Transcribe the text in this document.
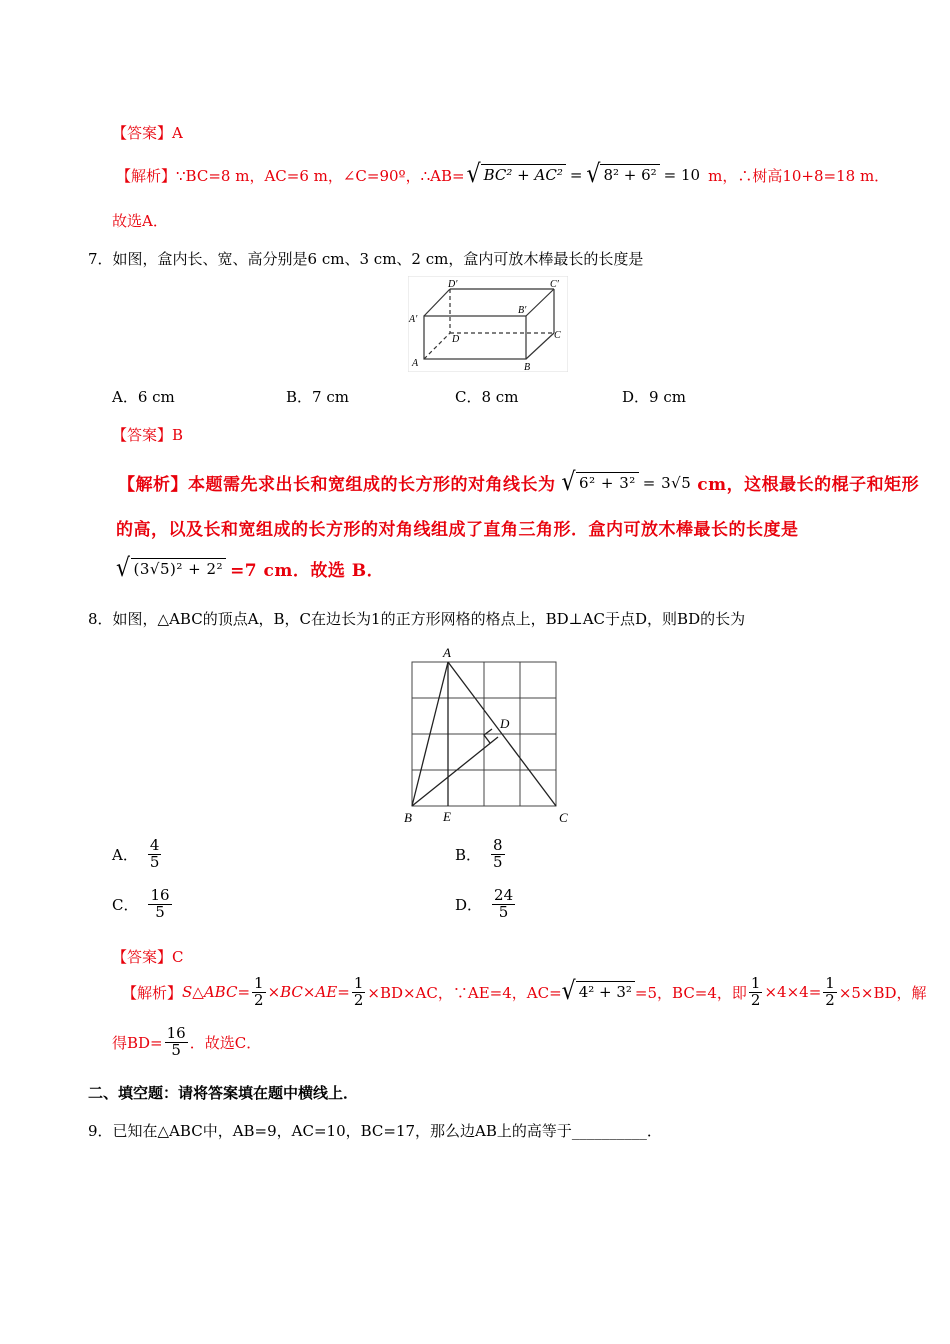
【答案】A
【解析】 ∵BC=8 m，AC=6 m，∠C=90º，∴AB= √ BC² + AC² = √ 8² + 6² = 10 m，∴树高10+8=18 m．
故选A．
7．如图，盒内长、宽、高分别是6 cm、3 cm、2 cm，盒内可放木棒最长的长度是
D′	C′
A′
B′
D	C
A	B
A．6 cm	B．7 cm	C．8 cm	D．9 cm
【答案】B
【解析】 本题需先求出长和宽组成的长方形的对角线长为 √ 6² + 3² = 3√5 cm，这根最长的棍子和矩形
的高，以及长和宽组成的长方形的对角线组成了直角三角形．盒内可放木棒最长的长度是
√ (3√5)² + 2² =7 cm．故选 B．
8．如图，△ABC的顶点A，B，C在边长为1的正方形网格的格点上，BD⊥AC于点D，则BD的长为
A
D
B E	C
A． $\frac{4}{5}$	B． $\frac{8}{5}$
C． $\frac{16}{5}$	D． $\frac{24}{5}$
【答案】C
【解析】 S△ABC= $\frac{1}{2} \times BC\times AE= \frac{1}{2} \times BD\times AC$，∵AE=4，AC= √ 4² + 3² =5，BC=4，即 $\frac{1}{2} \times 4\times 4= \frac{1}{2} \times 5\times BD$，解
得$BD= \frac{16}{5}$ ．故选C．
二、填空题：请将答案填在题中横线上．
9．已知在△ABC中，AB=9，AC=10，BC=17，那么边AB上的高等于__________．
